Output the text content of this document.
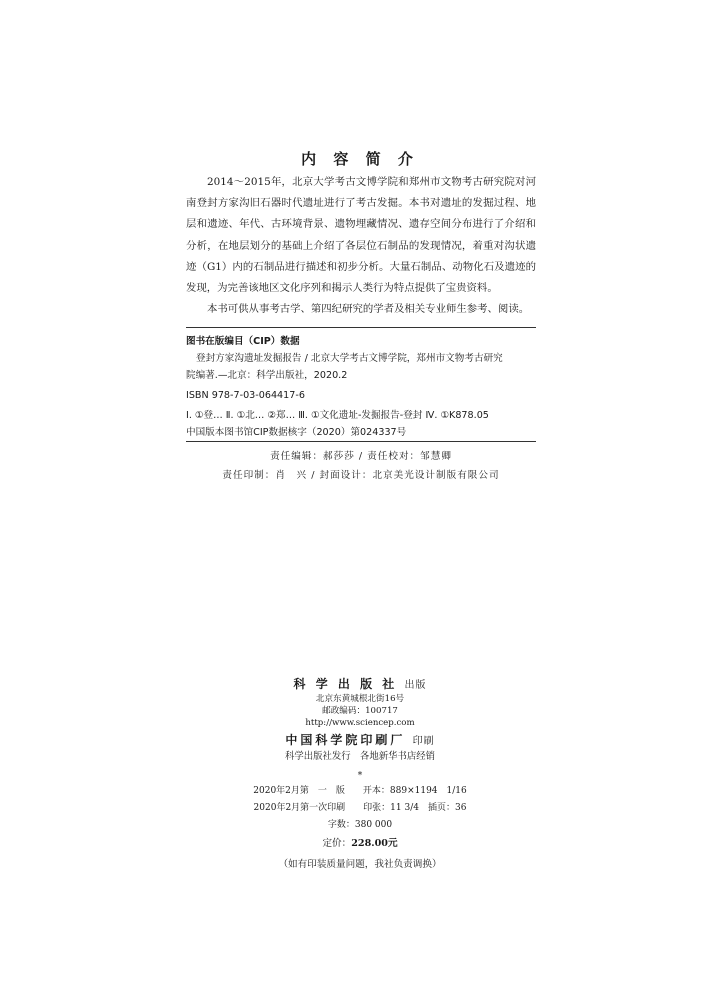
内 容 简 介

2014～2015年，北京大学考古文博学院和郑州市文物考古研究院对河南登封方家沟旧石器时代遗址进行了考古发掘。本书对遗址的发掘过程、地层和遗迹、年代、古环境背景、遗物埋藏情况、遗存空间分布进行了介绍和分析，在地层划分的基础上介绍了各层位石制品的发现情况，着重对沟状遗迹（G1）内的石制品进行描述和初步分析。大量石制品、动物化石及遗迹的发现，为完善该地区文化序列和揭示人类行为特点提供了宝贵资料。

本书可供从事考古学、第四纪研究的学者及相关专业师生参考、阅读。

图书在版编目（CIP）数据
登封方家沟遗址发掘报告 / 北京大学考古文博学院，郑州市文物考古研究
院编著.—北京：科学出版社，2020.2
ISBN 978-7-03-064417-6
Ⅰ. ①登… Ⅱ. ①北… ②郑… Ⅲ. ①文化遗址-发掘报告-登封 Ⅳ. ①K878.05
中国版本图书馆CIP数据核字（2020）第024337号
责任编辑：郝莎莎 / 责任校对：邹慧卿
责任印制：肖　兴 / 封面设计：北京美光设计制版有限公司
科 学 出 版 社 出版
北京东黄城根北街16号
邮政编码：100717
http://www.sciencep.com
中国科学院印刷厂 印刷
科学出版社发行　各地新华书店经销
*
2020年2月第　一　版　　开本：889×1194　1/16
2020年2月第一次印刷　　印张：11 3/4　插页：36
字数：380 000
定价：228.00元
（如有印装质量问题，我社负责调换）
